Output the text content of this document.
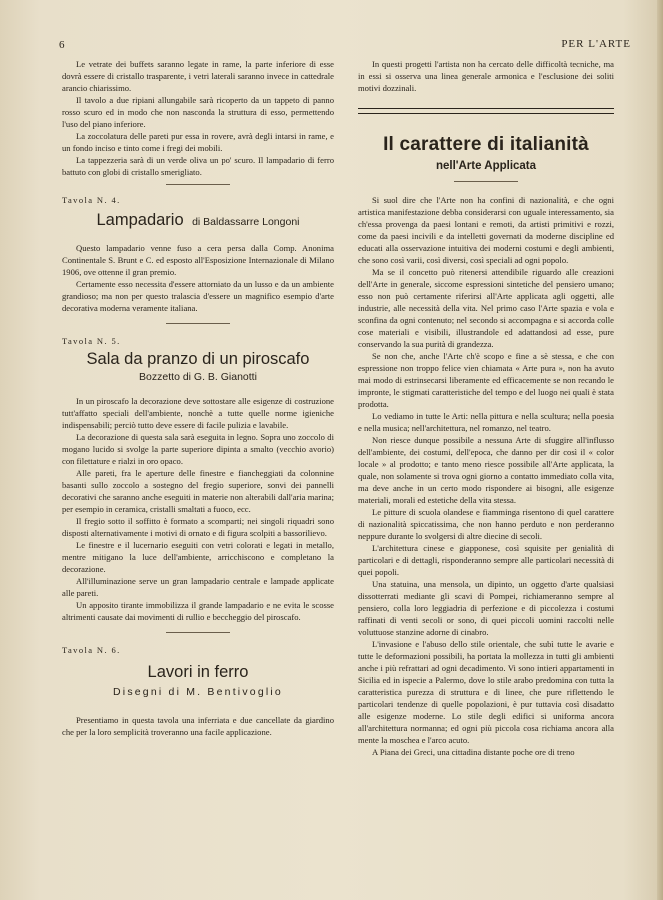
6	PER L'ARTE

Le vetrate dei buffets saranno legate in rame, la parte inferiore di esse dovrà essere di cristallo trasparente, i vetri laterali saranno invece in cattedrale arancio chiarissimo.

Il tavolo a due ripiani allungabile sarà ricoperto da un tappeto di panno rosso scuro ed in modo che non nasconda la struttura di esso, permettendo l'uso del piano inferiore.

La zoccolatura delle pareti pur essa in rovere, avrà degli intarsi in rame, e un fondo inciso e tinto come i fregi dei mobili.

La tappezzeria sarà di un verde oliva un po' scuro. Il lampadario di ferro battuto con globi di cristallo smerigliato.

Tavola N. 4.
Lampadario di Baldassarre Longoni

Questo lampadario venne fuso a cera persa dalla Comp. Anonima Continentale S. Brunt e C. ed esposto all'Esposizione Internazionale di Milano 1906, ove ottenne il gran premio.

Certamente esso necessita d'essere attorniato da un lusso e da un ambiente grandioso; ma non per questo tralascia d'essere un magnifico esempio d'arte decorativa moderna veramente italiana.

Tavola N. 5.
Sala da pranzo di un piroscafo
Bozzetto di G. B. Gianotti

In un piroscafo la decorazione deve sottostare alle esigenze di costruzione tutt'affatto speciali dell'ambiente, nonchè a tutte quelle norme igieniche indispensabili; perciò tutto deve essere di facile pulizia e lavabile.

La decorazione di questa sala sarà eseguita in legno. Sopra uno zoccolo di mogano lucido si svolge la parte superiore dipinta a smalto (vecchio avorio) con filettature e rialzi in oro opaco.

Alle pareti, fra le aperture delle finestre e fiancheggiati da colonnine basanti sullo zoccolo a sostegno del fregio superiore, sonvi dei pannelli decorativi che saranno anche eseguiti in materie non alterabili dall'aria marina; per esempio in ceramica, cristalli smaltati a fuoco, ecc.

Il fregio sotto il soffitto è formato a scomparti; nei singoli riquadri sono disposti alternativamente i motivi di ornato e di figura scolpiti a bassorilievo.

Le finestre e il lucernario eseguiti con vetri colorati e legati in metallo, mentre mitigano la luce dell'ambiente, arricchiscono e completano la decorazione.

All'illuminazione serve un gran lampadario centrale e lampade applicate alle pareti.

Un apposito tirante immobilizza il grande lampadario e ne evita le scosse altrimenti causate dai movimenti di rullio e beccheggio del piroscafo.

Tavola N. 6.
Lavori in ferro
Disegni di M. Bentivoglio

Presentiamo in questa tavola una inferriata e due cancellate da giardino che per la loro semplicità troveranno una facile applicazione.

In questi progetti l'artista non ha cercato delle difficoltà tecniche, ma in essi si osserva una linea generale armonica e l'esclusione dei soliti motivi dozzinali.

Il carattere di italianità
nell'Arte Applicata

Si suol dire che l'Arte non ha confini di nazionalità, e che ogni artistica manifestazione debba considerarsi con uguale interessamento, sia ch'essa provenga da paesi lontani e remoti, da artisti primitivi e rozzi, come da paesi incivili e da intelletti governati da moderne discipline ed educati alla osservazione intuitiva dei moderni costumi e degli ambienti, che sono così varii, così diversi, così speciali ad ogni popolo.

Ma se il concetto può ritenersi attendibile riguardo alle creazioni dell'Arte in generale, siccome espressioni sintetiche del pensiero umano; esso non può certamente riferirsi all'Arte applicata agli oggetti, alle industrie, alle necessità della vita. Nel primo caso l'Arte spazia e vola e sconfina da ogni contenuto; nel secondo si accompagna e si accorda colle cose materiali e visibili, illustrandole ed adattandosi ad esse, pure conservando la sua purità di grandezza.

Se non che, anche l'Arte ch'è scopo e fine a sè stessa, e che con espressione non troppo felice vien chiamata « Arte pura », non ha avuto mai modo di estrinsecarsi liberamente ed efficacemente se non recando le impronte, le stigmati caratteristiche del tempo e del luogo nei quali è stata prodotta.

Lo vediamo in tutte le Arti: nella pittura e nella scultura; nella poesia e nella musica; nell'architettura, nel romanzo, nel teatro.

Non riesce dunque possibile a nessuna Arte di sfuggire all'influsso dell'ambiente, dei costumi, dell'epoca, che danno per dir così il « color locale » al prodotto; e tanto meno riesce possibile all'Arte applicata, la quale, non solamente si trova ogni giorno a contatto immediato colla vita, ma deve anche in un certo modo rispondere ai bisogni, alle esigenze materiali, morali ed estetiche della vita stessa.

Le pitture di scuola olandese e fiamminga risentono di quel carattere di nazionalità spiccatissima, che non hanno perduto e non perderanno neppure durante lo svolgersi di altre diecine di secoli.

L'architettura cinese e giapponese, così squisite per genialità di particolari e di dettagli, risponderanno sempre alle particolari necessità di quei popoli.

Una statuina, una mensola, un dipinto, un oggetto d'arte qualsiasi dissotterrati mediante gli scavi di Pompei, richiameranno sempre al pensiero, colla loro leggiadria di perfezione e di piccolezza i costumi raffinati di venti secoli or sono, di quei piccoli uomini raccolti nelle voluttuose stanzine adorne di cinabro.

L'invasione e l'abuso dello stile orientale, che subì tutte le avarie e tutte le deformazioni possibili, ha portata la mollezza in tutti gli ambienti anche i più refrattari ad ogni decadimento. Vi sono intieri appartamenti in Sicilia ed in ispecie a Palermo, dove lo stile arabo predomina con tutta la caratteristica purezza di struttura e di linee, che pure riflettendo le particolari tendenze di quelle popolazioni, è pur tuttavia così disadatto alle esigenze moderne. Lo stile degli edifici si uniforma ancora all'architettura normanna; ed ogni più piccola cosa richiama ancora alla mente la moschea e l'arco acuto.

A Piana dei Greci, una cittadina distante poche ore di treno
